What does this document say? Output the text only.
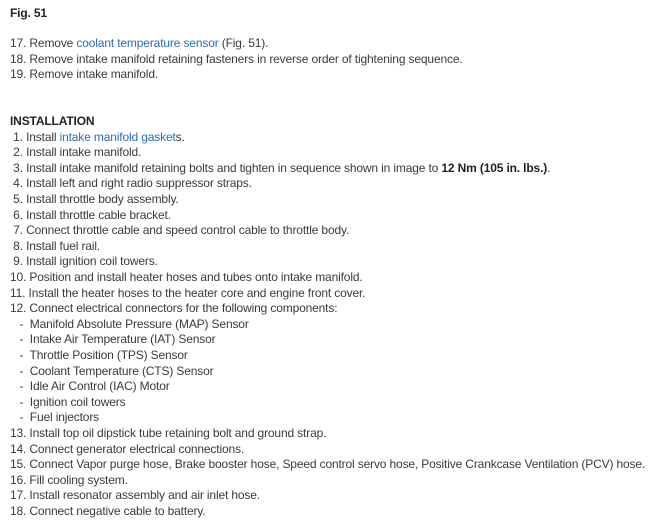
Fig. 51
17. Remove coolant temperature sensor (Fig. 51).
18. Remove intake manifold retaining fasteners in reverse order of tightening sequence.
19. Remove intake manifold.
INSTALLATION
1. Install intake manifold gaskets.
2. Install intake manifold.
3. Install intake manifold retaining bolts and tighten in sequence shown in image to 12 Nm (105 in. lbs.).
4. Install left and right radio suppressor straps.
5. Install throttle body assembly.
6. Install throttle cable bracket.
7. Connect throttle cable and speed control cable to throttle body.
8. Install fuel rail.
9. Install ignition coil towers.
10. Position and install heater hoses and tubes onto intake manifold.
11. Install the heater hoses to the heater core and engine front cover.
12. Connect electrical connectors for the following components:
-  Manifold Absolute Pressure (MAP) Sensor
-  Intake Air Temperature (IAT) Sensor
-  Throttle Position (TPS) Sensor
-  Coolant Temperature (CTS) Sensor
-  Idle Air Control (IAC) Motor
-  Ignition coil towers
-  Fuel injectors
13. Install top oil dipstick tube retaining bolt and ground strap.
14. Connect generator electrical connections.
15. Connect Vapor purge hose, Brake booster hose, Speed control servo hose, Positive Crankcase Ventilation (PCV) hose.
16. Fill cooling system.
17. Install resonator assembly and air inlet hose.
18. Connect negative cable to battery.
